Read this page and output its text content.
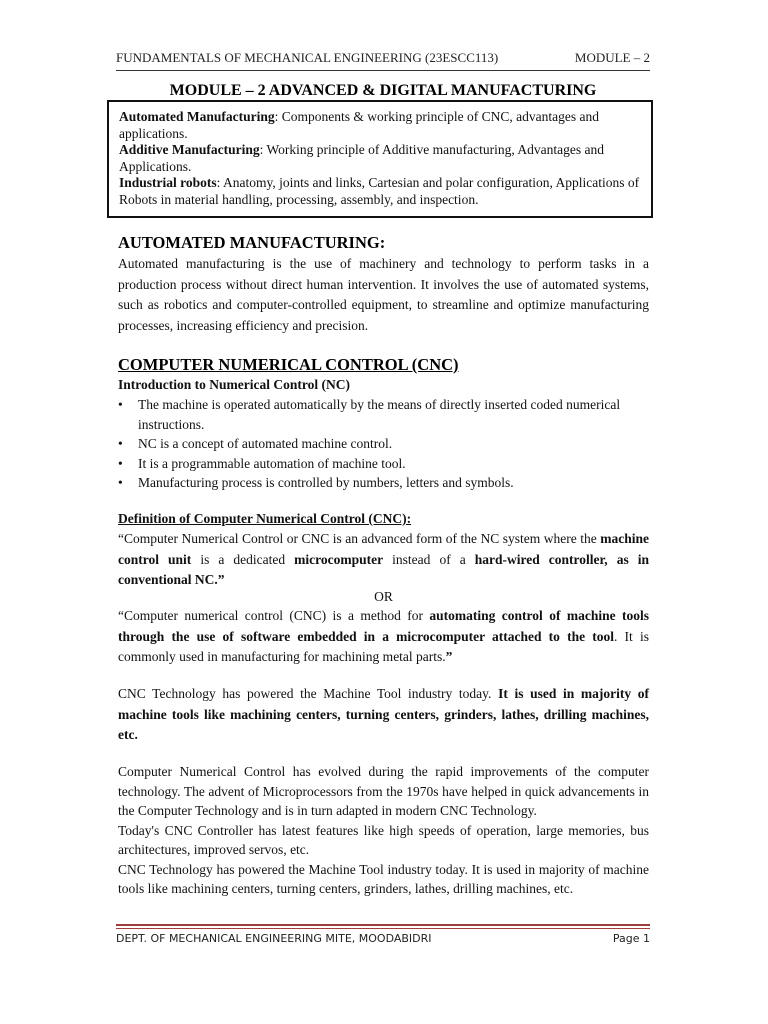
FUNDAMENTALS OF MECHANICAL ENGINEERING (23ESCC113)	MODULE – 2
MODULE – 2 ADVANCED & DIGITAL MANUFACTURING
Automated Manufacturing: Components & working principle of CNC, advantages and applications.
Additive Manufacturing: Working principle of Additive manufacturing, Advantages and Applications.
Industrial robots: Anatomy, joints and links, Cartesian and polar configuration, Applications of Robots in material handling, processing, assembly, and inspection.
AUTOMATED MANUFACTURING:
Automated manufacturing is the use of machinery and technology to perform tasks in a production process without direct human intervention. It involves the use of automated systems, such as robotics and computer-controlled equipment, to streamline and optimize manufacturing processes, increasing efficiency and precision.
COMPUTER NUMERICAL CONTROL (CNC)
Introduction to Numerical Control (NC)
• The machine is operated automatically by the means of directly inserted coded numerical instructions.
• NC is a concept of automated machine control.
• It is a programmable automation of machine tool.
• Manufacturing process is controlled by numbers, letters and symbols.
Definition of Computer Numerical Control (CNC):
“Computer Numerical Control or CNC is an advanced form of the NC system where the machine control unit is a dedicated microcomputer instead of a hard-wired controller, as in conventional NC.”
OR
“Computer numerical control (CNC) is a method for automating control of machine tools through the use of software embedded in a microcomputer attached to the tool. It is commonly used in manufacturing for machining metal parts.”
CNC Technology has powered the Machine Tool industry today. It is used in majority of machine tools like machining centers, turning centers, grinders, lathes, drilling machines, etc.
Computer Numerical Control has evolved during the rapid improvements of the computer technology. The advent of Microprocessors from the 1970s have helped in quick advancements in the Computer Technology and is in turn adapted in modern CNC Technology.
Today's CNC Controller has latest features like high speeds of operation, large memories, bus architectures, improved servos, etc.
CNC Technology has powered the Machine Tool industry today. It is used in majority of machine tools like machining centers, turning centers, grinders, lathes, drilling machines, etc.
DEPT. OF MECHANICAL ENGINEERING MITE, MOODABIDRI	Page 1
